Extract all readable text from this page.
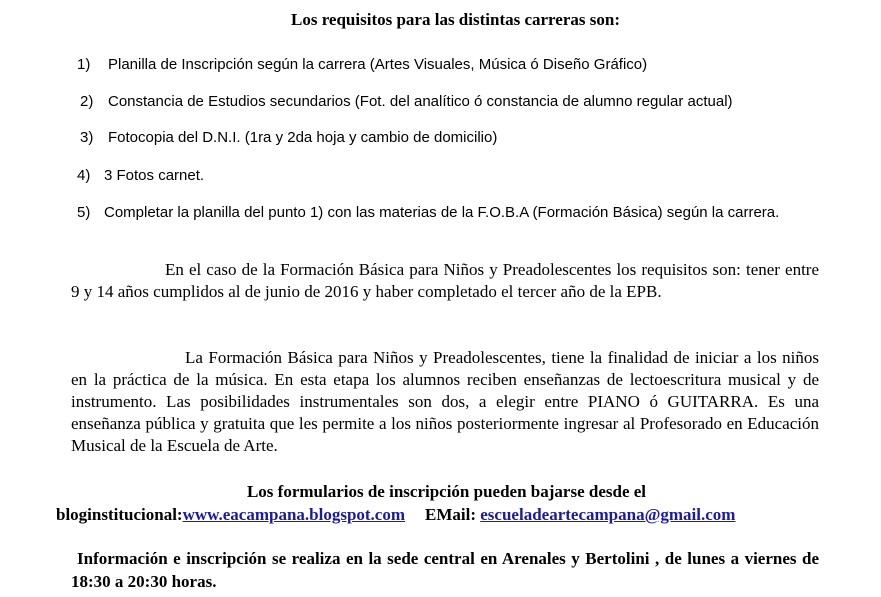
Los requisitos para las distintas carreras son:
1) Planilla de Inscripción según la carrera (Artes Visuales, Música ó Diseño Gráfico)
2) Constancia de Estudios secundarios (Fot. del analítico ó constancia de alumno regular actual)
3) Fotocopia del D.N.I. (1ra y 2da hoja y cambio de domicilio)
4) 3 Fotos carnet.
5) Completar la planilla del punto 1) con las materias de la F.O.B.A (Formación Básica) según la carrera.
En el caso de la Formación Básica para Niños y Preadolescentes los requisitos son: tener entre 9 y 14 años cumplidos al de junio de 2016 y haber completado el tercer año de la EPB.
La Formación Básica para Niños y Preadolescentes, tiene la finalidad de iniciar a los niños en la práctica de la música. En esta etapa los alumnos reciben enseñanzas de lectoescritura musical y de instrumento. Las posibilidades instrumentales son dos, a elegir entre PIANO ó GUITARRA. Es una enseñanza pública y gratuita que les permite a los niños posteriormente ingresar al Profesorado en Educación Musical de la Escuela de Arte.
Los formularios de inscripción pueden bajarse desde el
bloginstitucional:www.eacampana.blogspot.com EMail: escueladeartecampana@gmail.com
Información e inscripción se realiza en la sede central en Arenales y Bertolini , de lunes a viernes de 18:30 a 20:30 horas.
